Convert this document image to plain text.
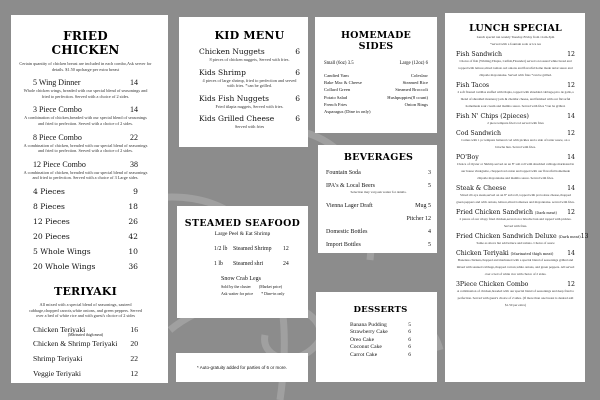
FRIED CHICKEN
Certain quantity of chicken breast are included in each combo,Ask server for details. $1.50 upcharge per extra breast
5 Wing Dinner	14
Whole chicken wings, breaded with our special blend of seasonings and fried to perfection. Served with a choice of 2 sides.
3 Piece Combo	14
A combination of chicken,breaded with our special blend of seasonings and fried to perfection. Served with a choice of 2 sides.
8 Piece Combo	22
A combination of chicken, breaded with our special blend of seasonings and fried to perfection. Served with a choice of 2 sides.
12 Piece Combo	38
A combination of chicken, breaded with our special blend of seasonings and fried to perfection. Served with a choice of 3 Large sides.
4 Pieces	9
8 Pieces	18
12 Pieces	26
20 Pieces	42
5 Whole Wings	10
20 Whole Wings	36
TERIYAKI
All mixed with a special blend of seasonings, sauteed cabbage,chopped carrots,white onions, and green peppers. Served over a bed of white rice and with guest's choice of 2 sides
Chicken Teriyaki	16
(Marinated thigh meat)
Chicken & Shrimp Teriyaki 20
Shrimp Teriyaki	22
Veggie Teriyaki	12
KID MENU
Chicken Nuggets	6
8 pieces of chicken nuggets, Served with fries.
Kids Shrimp	6
4 pieces of large shrimp, fried to perfection and served with fries. *can be grilled.
Kids Fish Nuggets	6
Fried tilapia nuggets, Served with fries.
Kids Grilled Cheese	6
Served with fries
STEAMED SEAFOOD
Large Peel & Eat Shrimp
1/2 lb Steamed Shrimp	12
1 lb	Steamed shri	24
Snow Crab Legs
Sold by the cluster (Market price)
Ask waiter for price * Dine-in only
* Auto-gratuity added for parties of 6 or more.
HOMEMADE SIDES
Small (6oz) 3.5	Large (12oz) 6
Candied Yam
Bake Mac & Cheese
Collard Green
Potato Salad
French Fries
Asparagus (Dine in only)
Coleslaw
Steamed Rice
Steamed Broccoli
Hushpuppies(8 count)
Onion Rings
BEVERAGES
Fountain Soda	3
IPA's & Local Beers	5
Selection may vary,ask waiter for details.
Vienna Lager Draft	Mug 5
Pitcher 12
Domestic Bottles	4
Import Bottles	5
DESSERTS
Banana Pudding	5
Strawberry Cake	6
Oreo Cake	6
Coconut Cake	6
Carrot Cake	6
LUNCH SPECIAL
Lunch special run weekly Tuesday-Friday from 11am-3pm
*served with a fountain soda or ice tea
Fish Sandwich	12
Choice of fish (Whiting,Tilapia, Catfish,Flounder) served on toasted white bread and topped with lettuce,sliced tomato red onions and flavorful home made tartar sauce and chipotle mayonnaise. Served with fries *can be grilled.
Fish Tacos	12
2 soft floured tortillas stuffed with tilapia, topped with shredded cabbage,pico de gallo,a blend of shredded monterey jack & cheddar cheese, and finished with our flavorful homemade sour cream and mambo sauce. Served with fries *can be grilled.
Fish N' Chips (2pieces)	14
2 piece tempura fried cod served with fries
Cod Sandwich	12
Comes with 1 pc tempura battered cod with pickles and a side of tartar sauce, on a brioche bun. Served with fries.
PO'Boy	14
Choice of Oyster or Shrimp served on an 8" sub roll with shredded cabbage marinated in our house vinaigrette, chopped red onion and topped with our flavorful homemade chipotle mayonnaise and mambo sauce. Served with fries.
Steak & Cheese	14
Sliced rib eye steak,served on an 8" sub roll, topped with provolone cheese,chopped green peppers and with onions, lettuce,sliced tomatoes and mayonnaise. served with fries.
Fried Chicken Sandwich (Dark meat) 12
2 pieces of our crispy fried chicken,served on a brioche bun and topped with pickles. Served with fries.
Fried Chicken Sandwich Deluxe (Dark meat) 13
Same as above but add lettuce and tomato. Choice of sauce
Chicken Teriyaki (Marinated thigh meat) 14
Boneless chicken,chopped and marinated with a special blend of seasonings grilled and mixed with sauteed cabbage,chopped carrots,white onions, and green peppers. All served over a bed of white rice with choice of 2 sides.
3Piece Chicken Combo	12
A combination of chicken,breaded with our special blend of seasonings and deep fried to perfection. Served with guest's choice of 2 sides. (If more than one breast is desired add $1.50 per extra)
